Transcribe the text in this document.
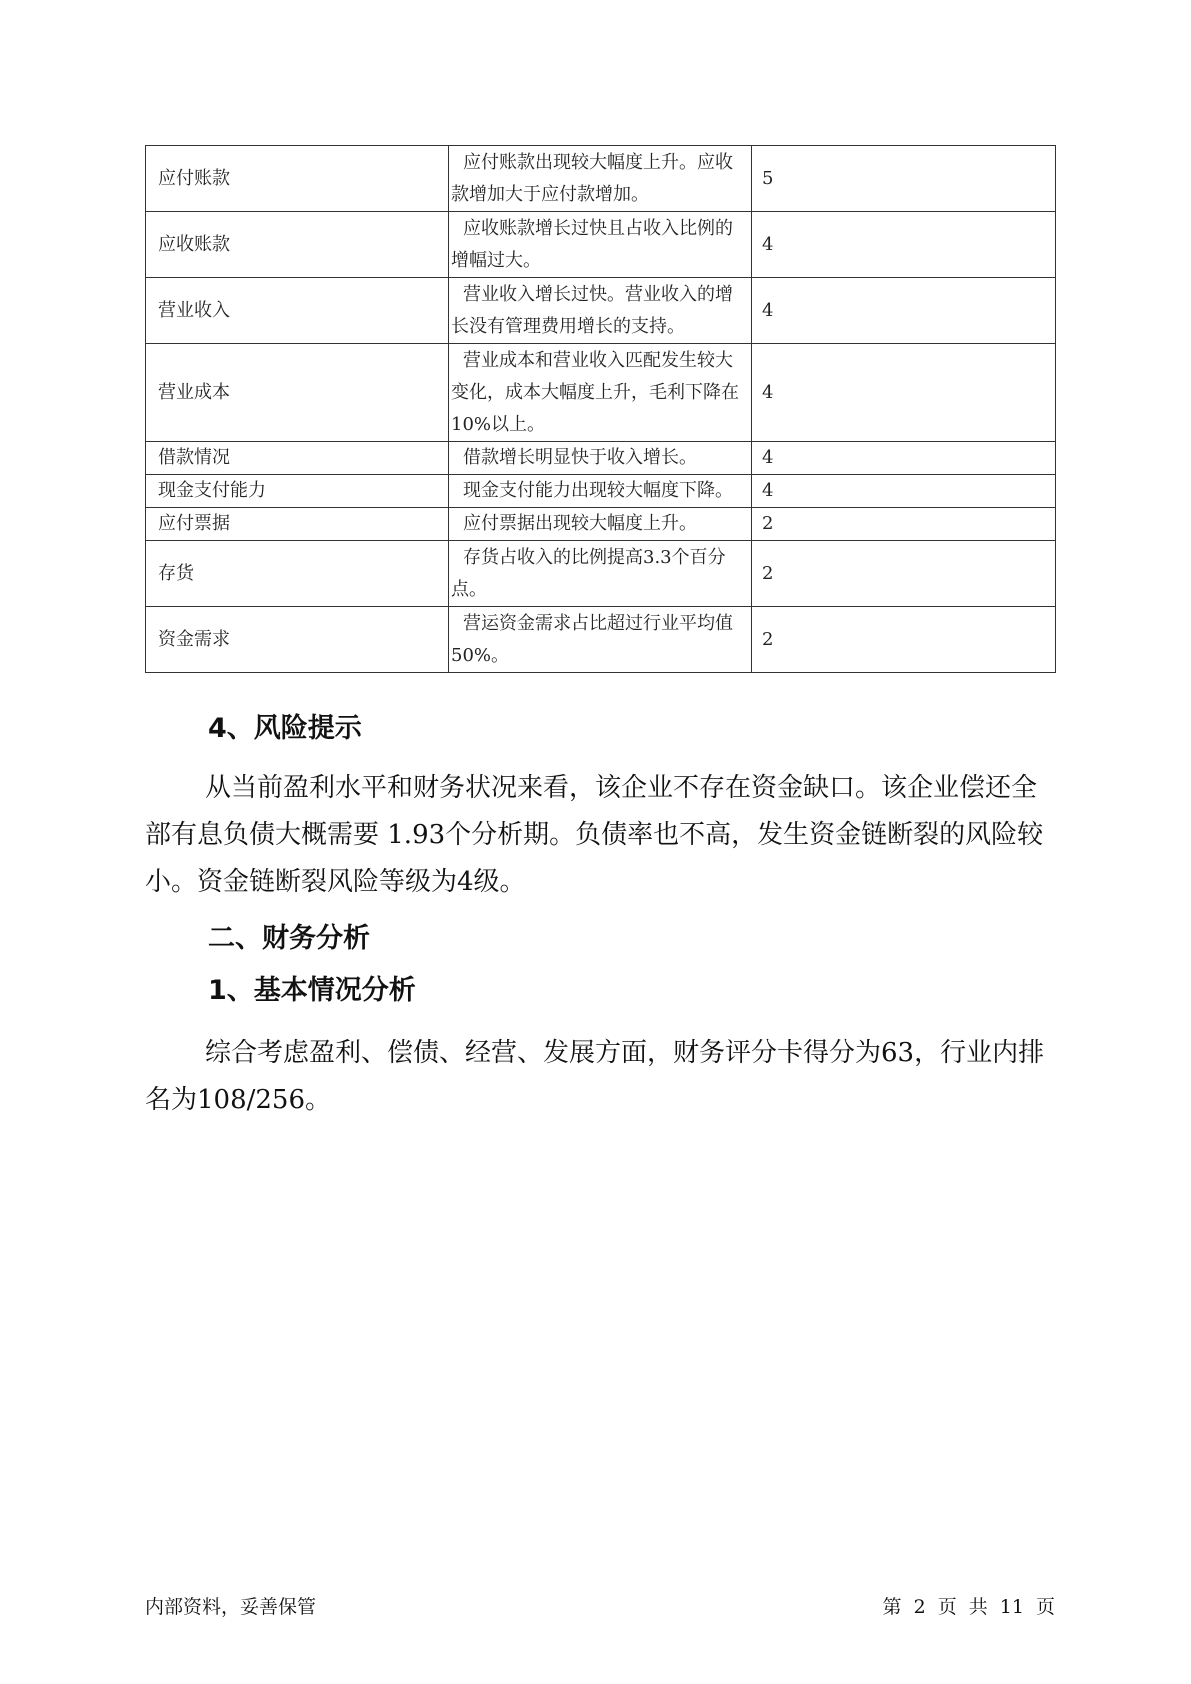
应付账款	应付账款出现较大幅度上升。应收款增加大于应付款增加。	5
应收账款	应收账款增长过快且占收入比例的增幅过大。	4
营业收入	营业收入增长过快。营业收入的增长没有管理费用增长的支持。	4
营业成本	营业成本和营业收入匹配发生较大变化，成本大幅度上升，毛利下降在10%以上。	4
借款情况	借款增长明显快于收入增长。	4
现金支付能力	现金支付能力出现较大幅度下降。	4
应付票据	应付票据出现较大幅度上升。	2
存货	存货占收入的比例提高3.3个百分点。	2
资金需求	营运资金需求占比超过行业平均值50%。	2
4、风险提示

从当前盈利水平和财务状况来看，该企业不存在资金缺口。该企业偿还全部有息负债大概需要 1.93个分析期。负债率也不高，发生资金链断裂的风险较小。资金链断裂风险等级为4级。

二、财务分析
1、基本情况分析

综合考虑盈利、偿债、经营、发展方面，财务评分卡得分为63，行业内排名为108/256。

内部资料，妥善保管	第 2 页 共 11 页
